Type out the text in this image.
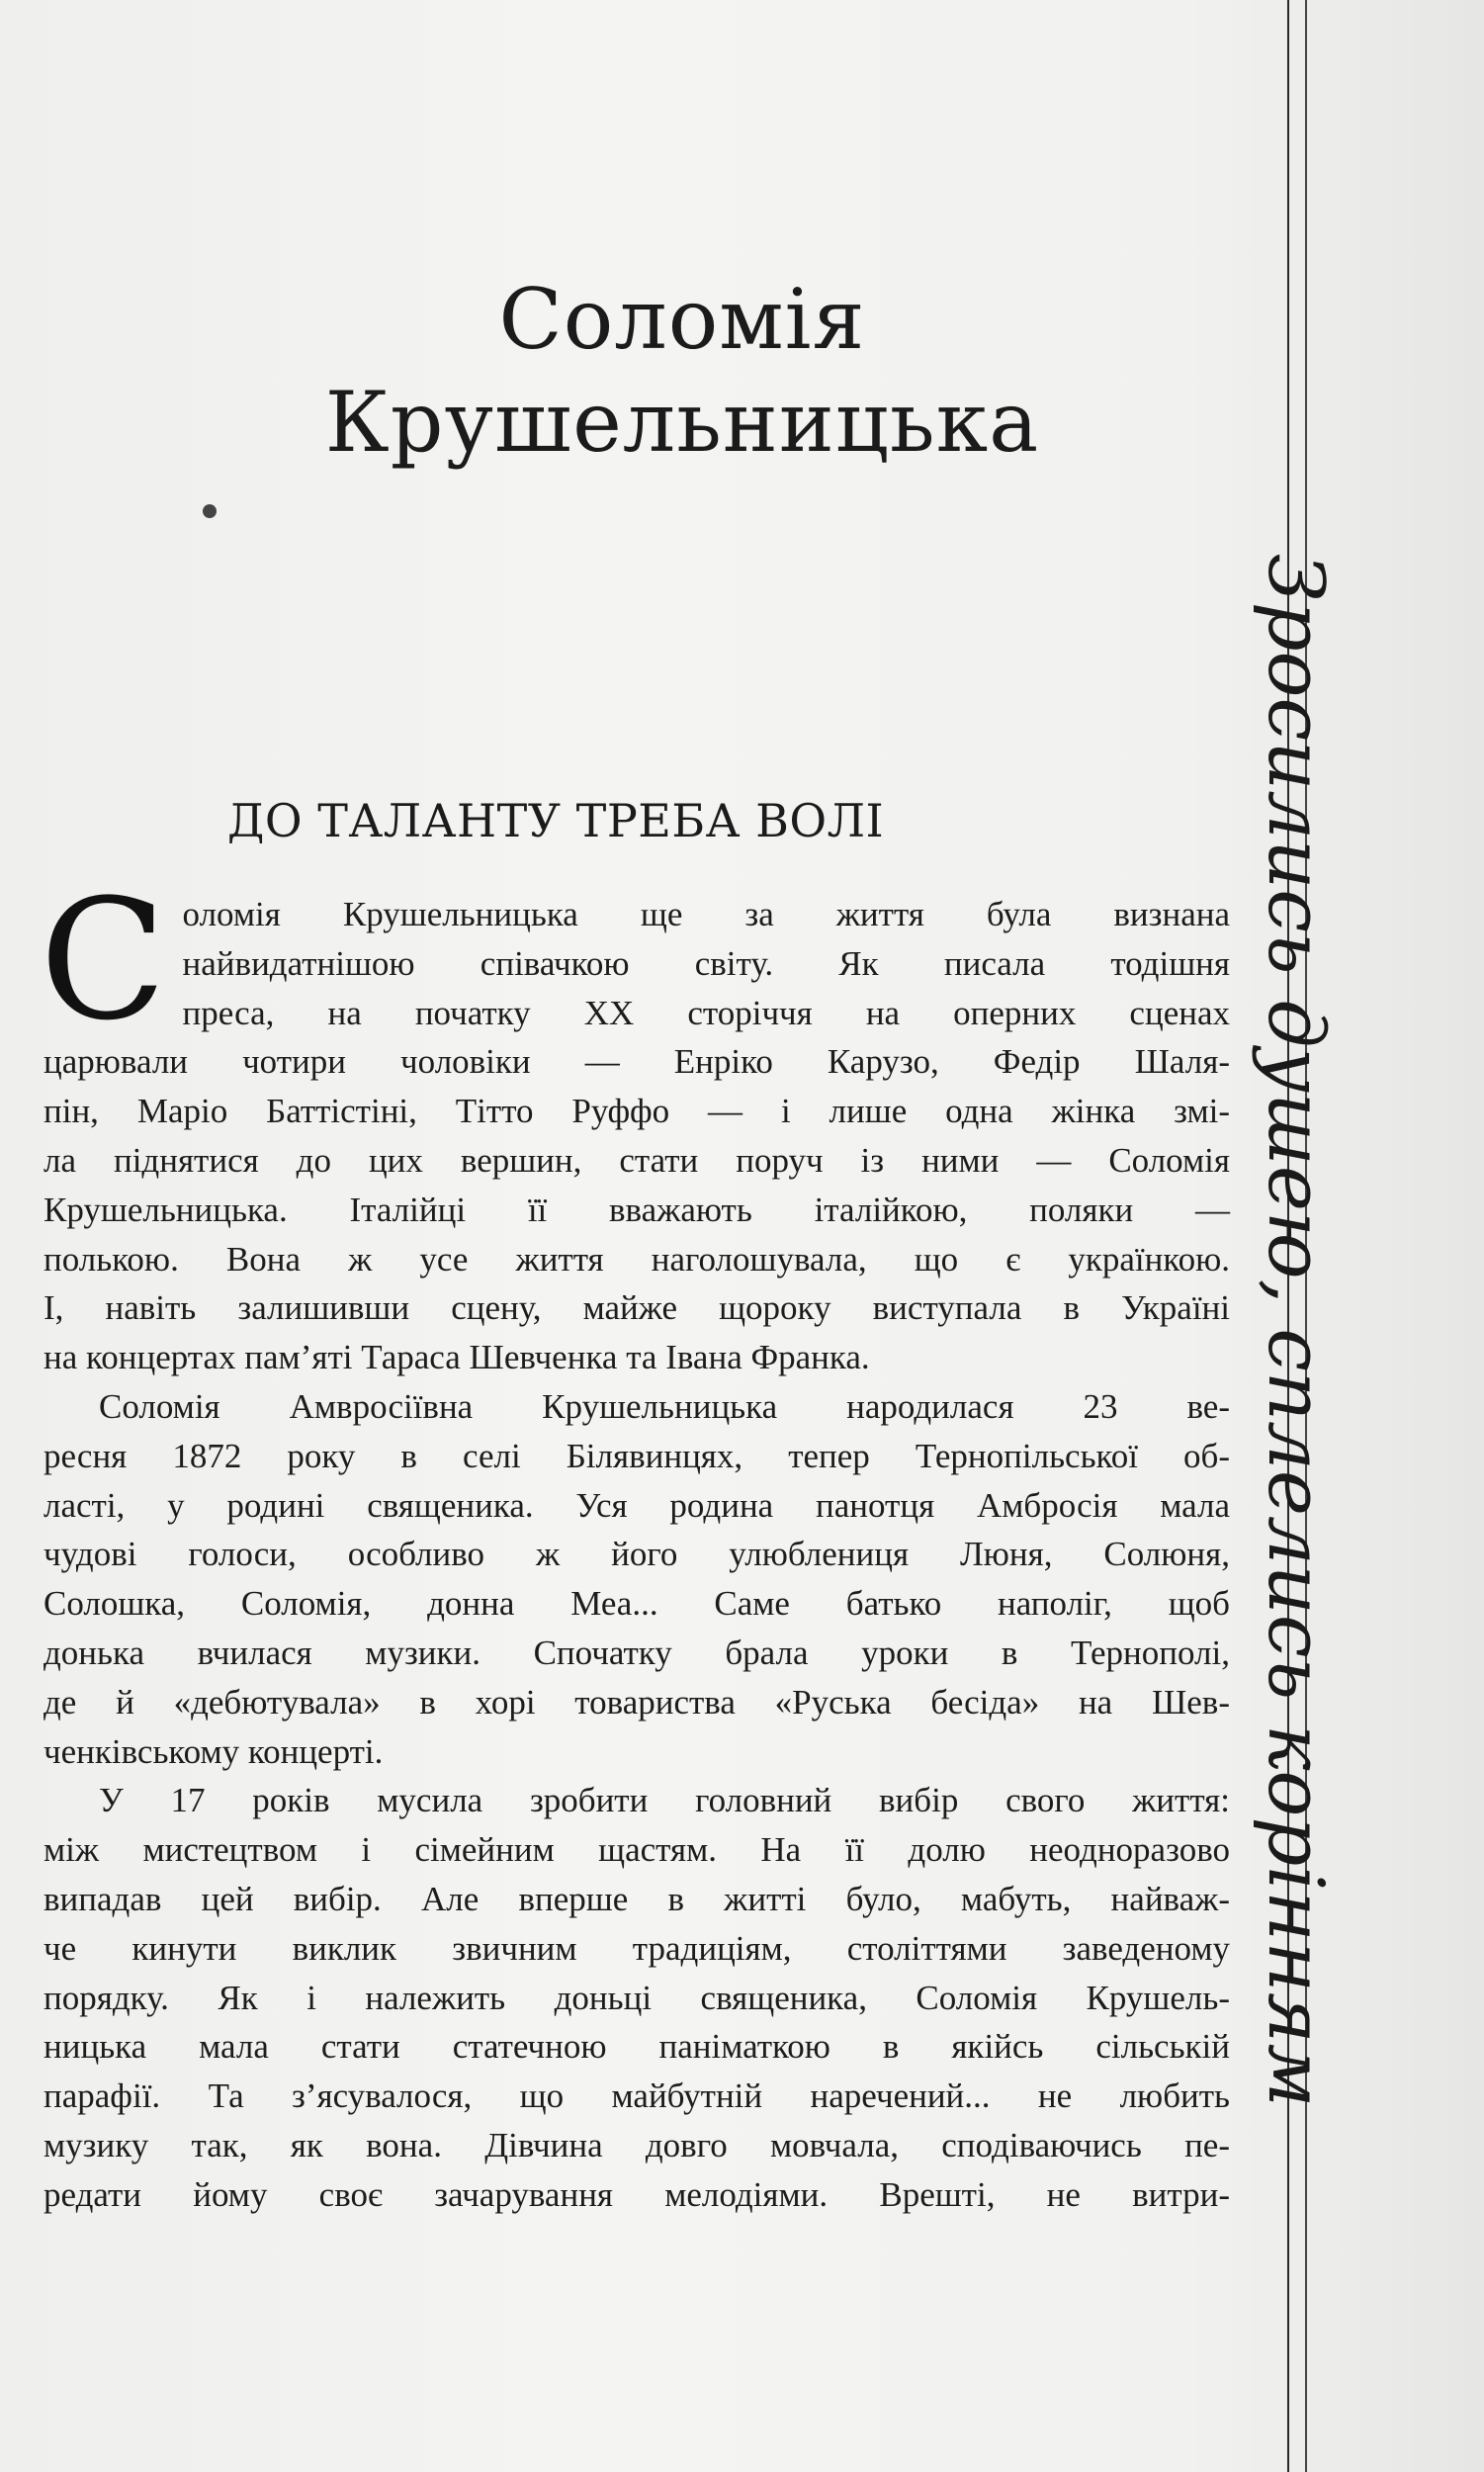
Зросились душею, сплелись корінням
Соломія
Крушельницька
ДО ТАЛАНТУ ТРЕБА ВОЛІ
С оломія Крушельницька ще за життя була визнана
найвидатнішою співачкою світу. Як писала тодішня
преса, на початку XX сторіччя на оперних сценах
царювали чотири чоловіки — Енріко Карузо, Федір Шаля-
пін, Маріо Баттістіні, Тітто Руффо — і лише одна жінка змі-
ла піднятися до цих вершин, стати поруч із ними — Соломія
Крушельницька. Італійці її вважають італійкою, поляки —
полькою. Вона ж усе життя наголошувала, що є українкою.
І, навіть залишивши сцену, майже щороку виступала в Україні
на концертах пам’яті Тараса Шевченка та Івана Франка.
Соломія Амвросіївна Крушельницька народилася 23 ве-
ресня 1872 року в селі Білявинцях, тепер Тернопільської об-
ласті, у родині священика. Уся родина панотця Амбросія мала
чудові голоси, особливо ж його улюблениця Люня, Солюня,
Солошка, Соломія, донна Меа... Саме батько наполіг, щоб
донька вчилася музики. Спочатку брала уроки в Тернополі,
де й «дебютувала» в хорі товариства «Руська бесіда» на Шев-
ченківському концерті.
У 17 років мусила зробити головний вибір свого життя:
між мистецтвом і сімейним щастям. На її долю неодноразово
випадав цей вибір. Але вперше в житті було, мабуть, найваж-
че кинути виклик звичним традиціям, століттями заведеному
порядку. Як і належить доньці священика, Соломія Крушель-
ницька мала стати статечною паніматкою в якійсь сільській
парафії. Та з’ясувалося, що майбутній наречений... не любить
музику так, як вона. Дівчина довго мовчала, сподіваючись пе-
редати йому своє зачарування мелодіями. Врешті, не витри-
